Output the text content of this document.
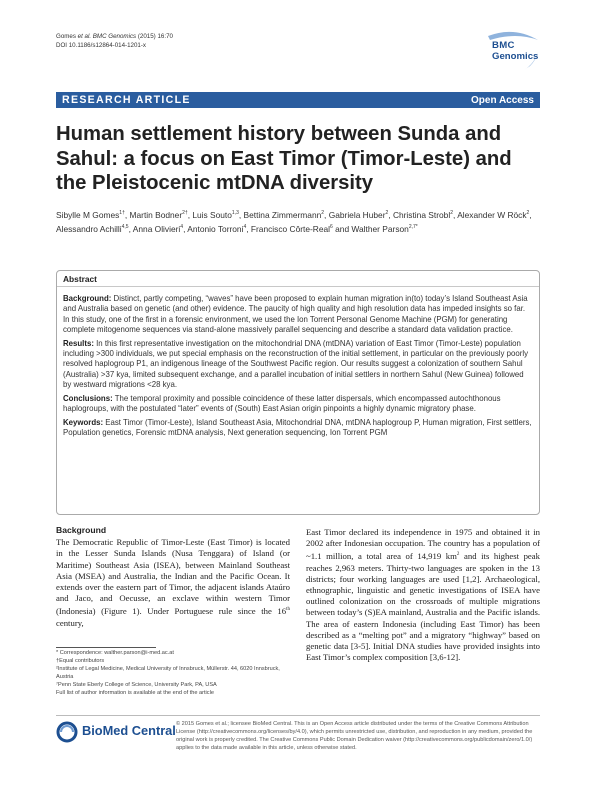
Gomes et al. BMC Genomics (2015) 16:70
DOI 10.1186/s12864-014-1201-x	BMC
Genomics
RESEARCH ARTICLE	Open Access
Human settlement history between Sunda and Sahul: a focus on East Timor (Timor-Leste) and the Pleistocenic mtDNA diversity
Sibylle M Gomes$^{1\dagger}$, Martin Bodner$^{2\dagger}$, Luis Souto$^{1,3}$, Bettina Zimmermann$^2$, Gabriela Huber$^2$, Christina Strobl$^2$, Alexander W Röck$^2$, Alessandro Achilli$^{4,5}$, Anna Olivieri$^4$, Antonio Torroni$^4$, Francisco Côrte-Real$^6$ and Walther Parson$^{2,7*}$
Abstract

Background: Distinct, partly competing, “waves” have been proposed to explain human migration in(to) today’s Island Southeast Asia and Australia based on genetic (and other) evidence. The paucity of high quality and high resolution data has impeded insights so far. In this study, one of the first in a forensic environment, we used the Ion Torrent Personal Genome Machine (PGM) for generating complete mitogenome sequences via stand-alone massively parallel sequencing and describe a standard data validation practice.

Results: In this first representative investigation on the mitochondrial DNA (mtDNA) variation of East Timor (Timor-Leste) population including >300 individuals, we put special emphasis on the reconstruction of the initial settlement, in particular on the previously poorly resolved haplogroup P1, an indigenous lineage of the Southwest Pacific region. Our results suggest a colonization of southern Sahul (Australia) >37 kya, limited subsequent exchange, and a parallel incubation of initial settlers in northern Sahul (New Guinea) followed by westward migrations <28 kya.

Conclusions: The temporal proximity and possible coincidence of these latter dispersals, which encompassed autochthonous haplogroups, with the postulated “later” events of (South) East Asian origin pinpoints a highly dynamic migratory phase.

Keywords: East Timor (Timor-Leste), Island Southeast Asia, Mitochondrial DNA, mtDNA haplogroup P, Human migration, First settlers, Population genetics, Forensic mtDNA analysis, Next generation sequencing, Ion Torrent PGM

Background
The Democratic Republic of Timor-Leste (East Timor) is located in the Lesser Sunda Islands (Nusa Tenggara) of Island (or Maritime) Southeast Asia (ISEA), between Mainland Southeast Asia (MSEA) and Australia, the Indian and the Pacific Ocean. It extends over the eastern part of Timor, the adjacent islands Ataúro and Jaco, and Oecusse, an exclave within western Timor (Indonesia) (Figure 1). Under Portuguese rule since the 16th century,
East Timor declared its independence in 1975 and obtained it in 2002 after Indonesian occupation. The country has a population of ~1.1 million, a total area of 14,919 $km^2$ and its highest peak reaches 2,963 meters. Thirty-two languages are spoken in the 13 districts; four working languages are used [1,2]. Archaeological, ethnographic, linguistic and genetic investigations of ISEA have outlined colonization on the crossroads of multiple migrations between today’s (S)EA mainland, Australia and the Pacific islands. The area of eastern Indonesia (including East Timor) has been described as a “melting pot” and a migratory “highway” based on genetic data [3-5]. Initial DNA studies have provided insights into East Timor’s complex composition [3,6-12].
* Correspondence: walther.parson@i-med.ac.at
†Equal contributors
²Institute of Legal Medicine, Medical University of Innsbruck, Müllerstr. 44, 6020 Innsbruck, Austria
⁷Penn State Eberly College of Science, University Park, PA, USA
Full list of author information is available at the end of the article
BioMed Central © 2015 Gomes et al.; licensee BioMed Central. This is an Open Access article distributed under the terms of the Creative Commons Attribution License (http://creativecommons.org/licenses/by/4.0), which permits unrestricted use, distribution, and reproduction in any medium, provided the original work is properly credited. The Creative Commons Public Domain Dedication waiver (http://creativecommons.org/publicdomain/zero/1.0/) applies to the data made available in this article, unless otherwise stated.
